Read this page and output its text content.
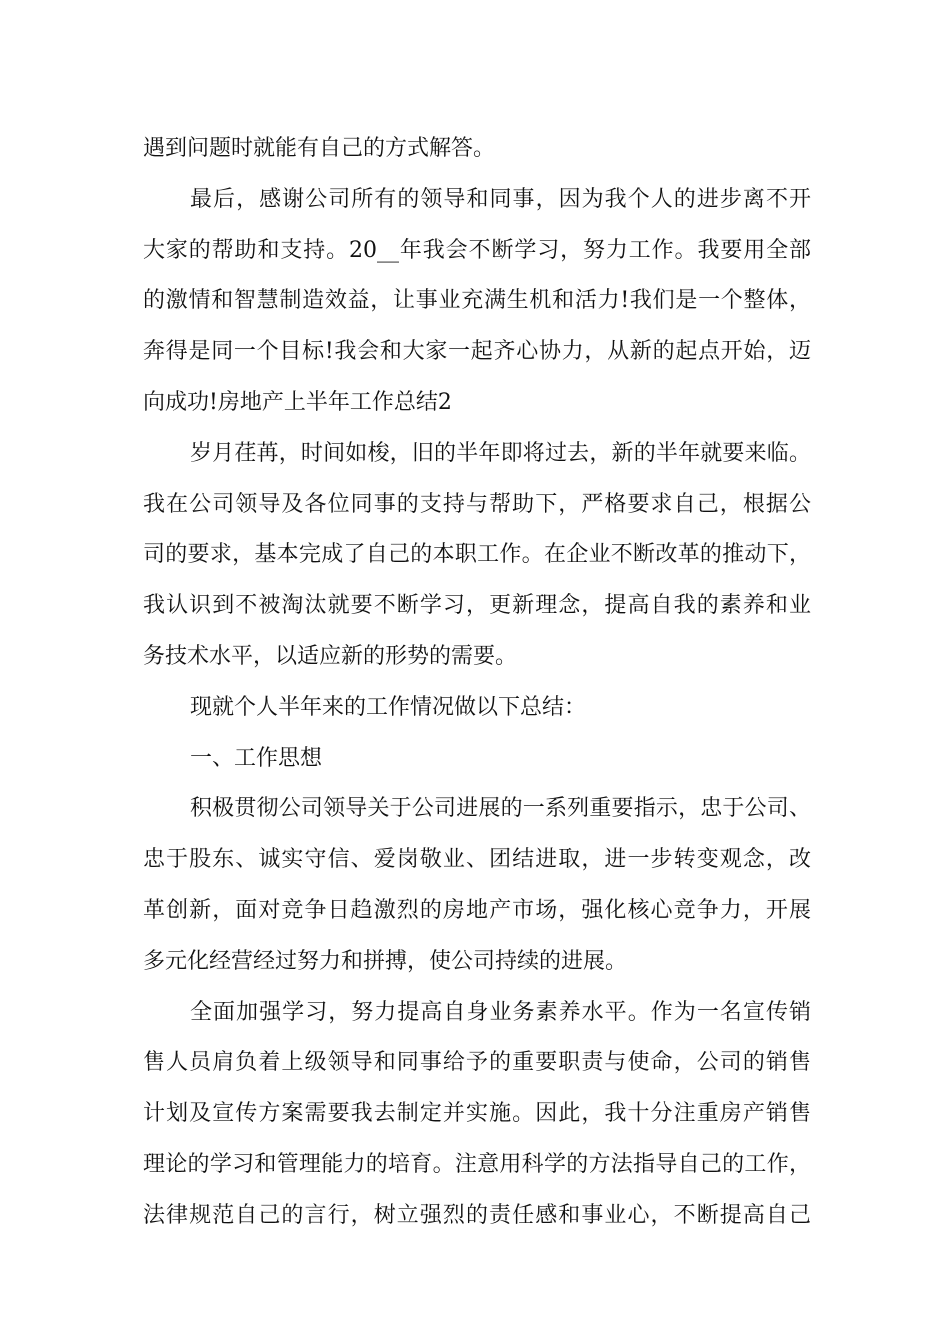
遇到问题时就能有自己的方式解答。
最后，感谢公司所有的领导和同事，因为我个人的进步离不开
大家的帮助和支持。20__年我会不断学习，努力工作。我要用全部
的激情和智慧制造效益，让事业充满生机和活力!我们是一个整体，
奔得是同一个目标!我会和大家一起齐心协力，从新的起点开始，迈
向成功!房地产上半年工作总结2
岁月荏苒，时间如梭，旧的半年即将过去，新的半年就要来临。
我在公司领导及各位同事的支持与帮助下，严格要求自己，根据公
司的要求，基本完成了自己的本职工作。在企业不断改革的推动下，
我认识到不被淘汰就要不断学习，更新理念，提高自我的素养和业
务技术水平，以适应新的形势的需要。
现就个人半年来的工作情况做以下总结：
一、工作思想
积极贯彻公司领导关于公司进展的一系列重要指示，忠于公司、
忠于股东、诚实守信、爱岗敬业、团结进取，进一步转变观念，改
革创新，面对竞争日趋激烈的房地产市场，强化核心竞争力，开展
多元化经营经过努力和拼搏，使公司持续的进展。
全面加强学习，努力提高自身业务素养水平。作为一名宣传销
售人员肩负着上级领导和同事给予的重要职责与使命，公司的销售
计划及宣传方案需要我去制定并实施。因此，我十分注重房产销售
理论的学习和管理能力的培育。注意用科学的方法指导自己的工作，
法律规范自己的言行，树立强烈的责任感和事业心，不断提高自己
